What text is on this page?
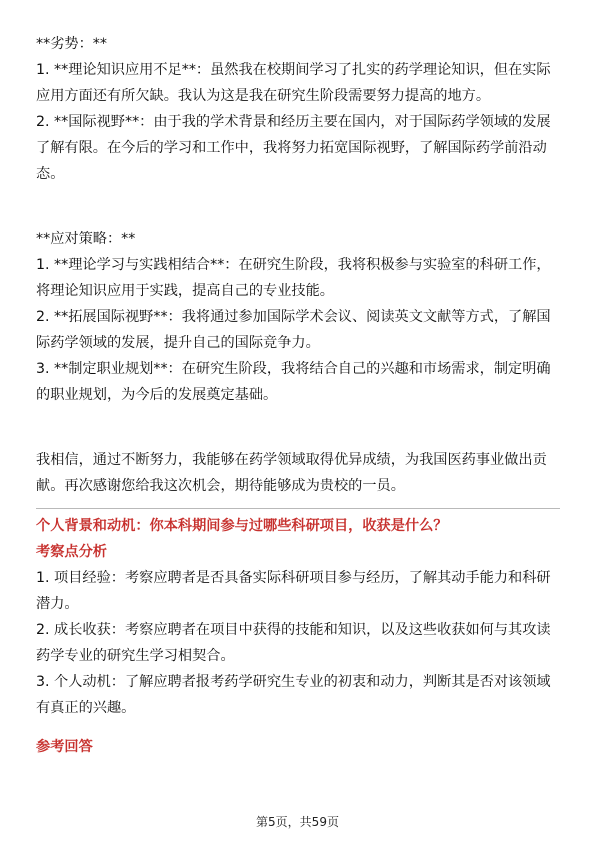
**劣势：**
1. **理论知识应用不足**：虽然我在校期间学习了扎实的药学理论知识，但在实际
应用方面还有所欠缺。我认为这是我在研究生阶段需要努力提高的地方。
2. **国际视野**：由于我的学术背景和经历主要在国内，对于国际药学领域的发展
了解有限。在今后的学习和工作中，我将努力拓宽国际视野，了解国际药学前沿动
态。
**应对策略：**
1. **理论学习与实践相结合**：在研究生阶段，我将积极参与实验室的科研工作，
将理论知识应用于实践，提高自己的专业技能。
2. **拓展国际视野**：我将通过参加国际学术会议、阅读英文文献等方式，了解国
际药学领域的发展，提升自己的国际竞争力。
3. **制定职业规划**：在研究生阶段，我将结合自己的兴趣和市场需求，制定明确
的职业规划，为今后的发展奠定基础。
我相信，通过不断努力，我能够在药学领域取得优异成绩，为我国医药事业做出贡
献。再次感谢您给我这次机会，期待能够成为贵校的一员。
个人背景和动机：你本科期间参与过哪些科研项目，收获是什么？
考察点分析
1. 项目经验：考察应聘者是否具备实际科研项目参与经历，了解其动手能力和科研
潜力。
2. 成长收获：考察应聘者在项目中获得的技能和知识，以及这些收获如何与其攻读
药学专业的研究生学习相契合。
3. 个人动机：了解应聘者报考药学研究生专业的初衷和动力，判断其是否对该领域
有真正的兴趣。
参考回答
第5页，共59页
